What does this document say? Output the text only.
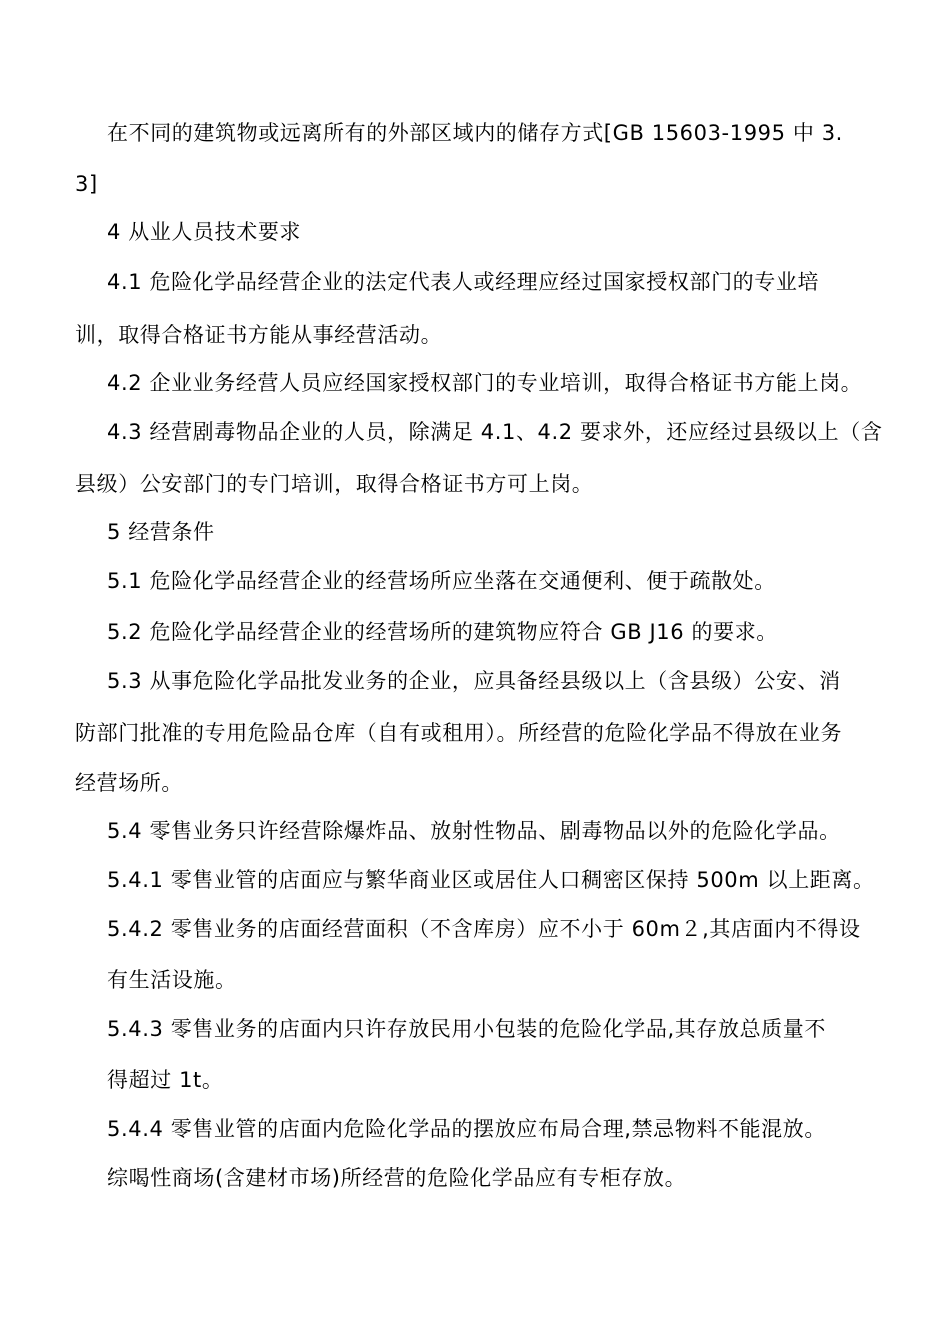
在不同的建筑物或远离所有的外部区域内的储存方式[GB 15603-1995 中 3.
3]
4 从业人员技术要求
4.1 危险化学品经营企业的法定代表人或经理应经过国家授权部门的专业培
训，取得合格证书方能从事经营活动。
4.2 企业业务经营人员应经国家授权部门的专业培训，取得合格证书方能上岗。
4.3 经营剧毒物品企业的人员，除满足 4.1、4.2 要求外，还应经过县级以上（含
县级）公安部门的专门培训，取得合格证书方可上岗。
5 经营条件
5.1 危险化学品经营企业的经营场所应坐落在交通便利、便于疏散处。
5.2 危险化学品经营企业的经营场所的建筑物应符合 GB J16 的要求。
5.3 从事危险化学品批发业务的企业，应具备经县级以上（含县级）公安、消
防部门批准的专用危险品仓库（自有或租用）。所经营的危险化学品不得放在业务
经营场所。
5.4 零售业务只许经营除爆炸品、放射性物品、剧毒物品以外的危险化学品。
5.4.1 零售业管的店面应与繁华商业区或居住人口稠密区保持 500m 以上距离。
5.4.2 零售业务的店面经营面积（不含库房）应不小于 60m２,其店面内不得设
有生活设施。
5.4.3 零售业务的店面内只许存放民用小包装的危险化学品,其存放总质量不
得超过 1t。
5.4.4 零售业管的店面内危险化学品的摆放应布局合理,禁忌物料不能混放。
综喝性商场(含建材市场)所经营的危险化学品应有专柜存放。
